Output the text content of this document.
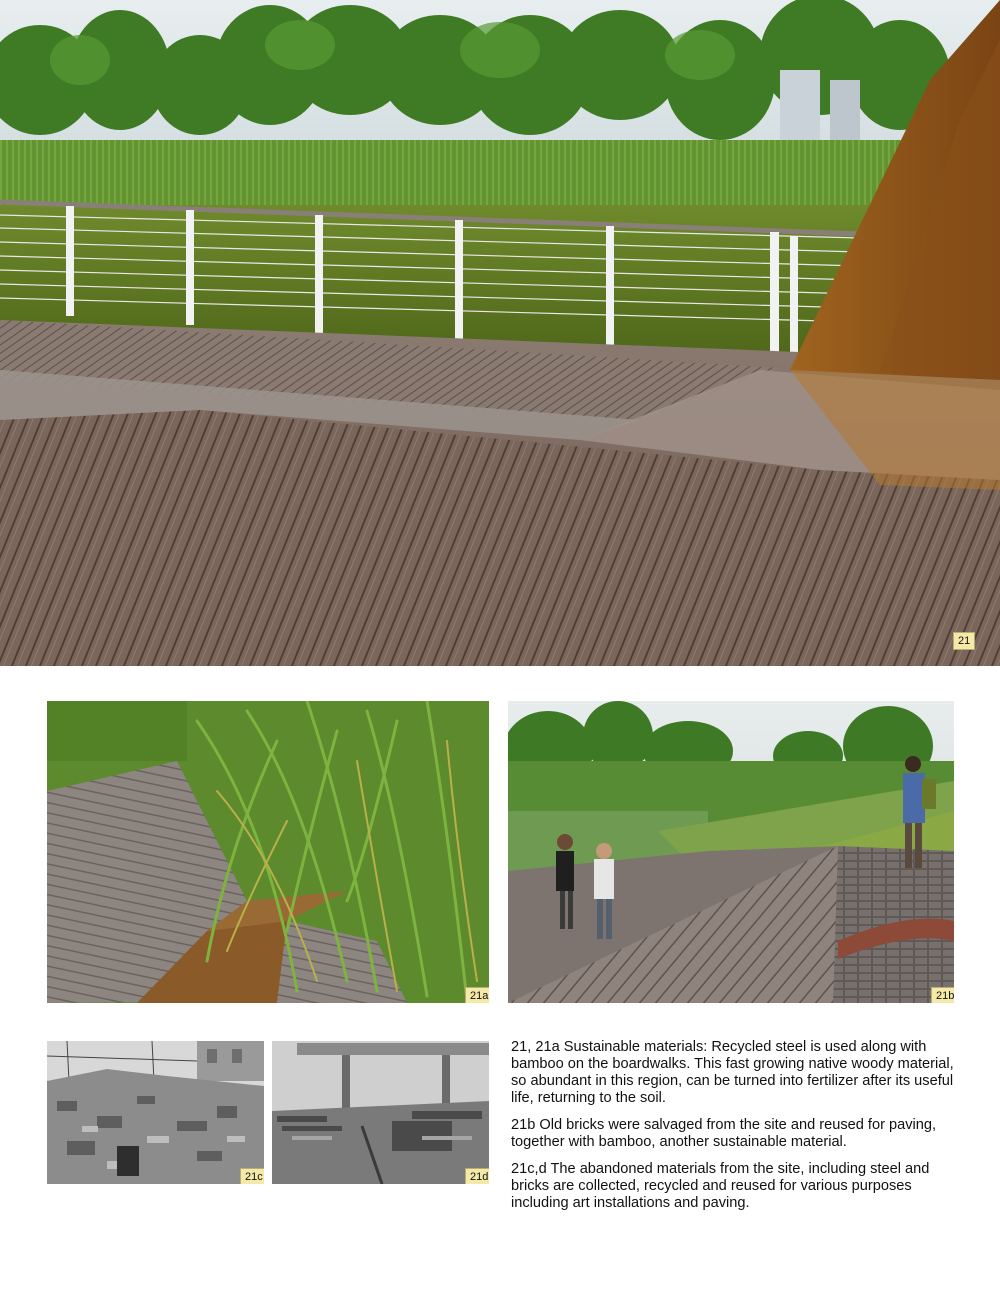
21
21a	21b
21c	21d

21, 21a Sustainable materials: Recycled steel is used along with bamboo on the boardwalks. This fast growing native woody material, so abundant in this region, can be turned into fertilizer after its useful life, returning to the soil.

21b Old bricks were salvaged from the site and reused for paving, together with bamboo, another sustainable material.

21c,d The abandoned materials from the site, including steel and bricks are collected, recycled and reused for various purposes including art installations and paving.
